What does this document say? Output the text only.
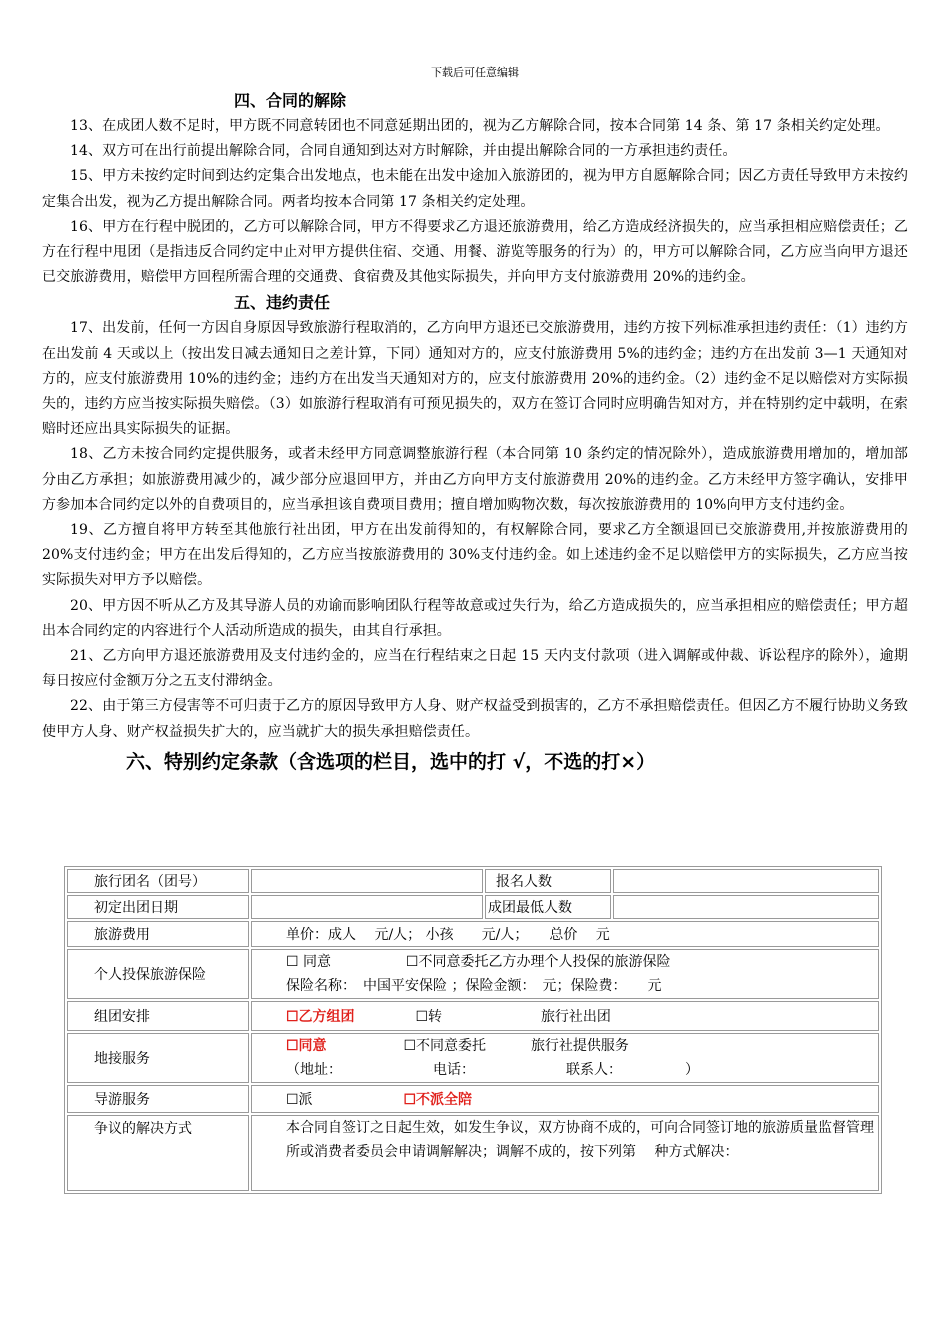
下载后可任意编辑
四、合同的解除

13、在成团人数不足时，甲方既不同意转团也不同意延期出团的，视为乙方解除合同，按本合同第 14 条、第 17 条相关约定处理。

14、双方可在出行前提出解除合同，合同自通知到达对方时解除，并由提出解除合同的一方承担违约责任。

15、甲方未按约定时间到达约定集合出发地点，也未能在出发中途加入旅游团的，视为甲方自愿解除合同；因乙方责任导致甲方未按约定集合出发，视为乙方提出解除合同。两者均按本合同第 17 条相关约定处理。

16、甲方在行程中脱团的，乙方可以解除合同，甲方不得要求乙方退还旅游费用，给乙方造成经济损失的，应当承担相应赔偿责任；乙方在行程中甩团（是指违反合同约定中止对甲方提供住宿、交通、用餐、游览等服务的行为）的，甲方可以解除合同，乙方应当向甲方退还已交旅游费用，赔偿甲方回程所需合理的交通费、食宿费及其他实际损失，并向甲方支付旅游费用 20%的违约金。

五、违约责任

17、出发前，任何一方因自身原因导致旅游行程取消的，乙方向甲方退还已交旅游费用，违约方按下列标准承担违约责任：（1）违约方在出发前 4 天或以上（按出发日减去通知日之差计算，下同）通知对方的，应支付旅游费用 5%的违约金；违约方在出发前 3—1 天通知对方的，应支付旅游费用 10%的违约金；违约方在出发当天通知对方的，应支付旅游费用 20%的违约金。（2）违约金不足以赔偿对方实际损失的，违约方应当按实际损失赔偿。（3）如旅游行程取消有可预见损失的，双方在签订合同时应明确告知对方，并在特别约定中载明，在索赔时还应出具实际损失的证据。

18、乙方未按合同约定提供服务，或者未经甲方同意调整旅游行程（本合同第 10 条约定的情况除外），造成旅游费用增加的，增加部分由乙方承担；如旅游费用减少的，减少部分应退回甲方，并由乙方向甲方支付旅游费用 20%的违约金。乙方未经甲方签字确认，安排甲方参加本合同约定以外的自费项目的，应当承担该自费项目费用；擅自增加购物次数，每次按旅游费用的 10%向甲方支付违约金。

19、乙方擅自将甲方转至其他旅行社出团，甲方在出发前得知的，有权解除合同，要求乙方全额退回已交旅游费用,并按旅游费用的 20%支付违约金；甲方在出发后得知的，乙方应当按旅游费用的 30%支付违约金。如上述违约金不足以赔偿甲方的实际损失，乙方应当按实际损失对甲方予以赔偿。

20、甲方因不听从乙方及其导游人员的劝谕而影响团队行程等故意或过失行为，给乙方造成损失的，应当承担相应的赔偿责任；甲方超出本合同约定的内容进行个人活动所造成的损失，由其自行承担。

21、乙方向甲方退还旅游费用及支付违约金的，应当在行程结束之日起 15 天内支付款项（进入调解或仲裁、诉讼程序的除外），逾期每日按应付金额万分之五支付滞纳金。

22、由于第三方侵害等不可归责于乙方的原因导致甲方人身、财产权益受到损害的，乙方不承担赔偿责任。但因乙方不履行协助义务致使甲方人身、财产权益损失扩大的，应当就扩大的损失承担赔偿责任。

六、特别约定条款（含选项的栏目，选中的打 √，不选的打×）
旅行团名（团号）		报名人数	
初定出团日期		成团最低人数	
旅游费用	单价：成人　 元/人； 小孩　　元/人；　　总价　 元		
个人投保旅游保险	☐ 同意 ☐不同意委托乙方办理个人投保的旅游保险
保险名称：　中国平安保险 ；保险金额：　元；保险费：　　元		

组团安排	☐乙方组团 ☐转 旅行社出团		
地接服务	☐同意 ☐不同意委托 旅行社提供服务
（地址：　　　　　　　电话：　　　　　　　联系人：　　　　　）		

导游服务	☐派 ☐不派全陪		
争议的解决方式	本合同自签订之日起生效，如发生争议，双方协商不成的，可向合同签订地的旅游质量监督管理所或消费者委员会申请调解解决；调解不成的，按下列第　 种方式解决：		
